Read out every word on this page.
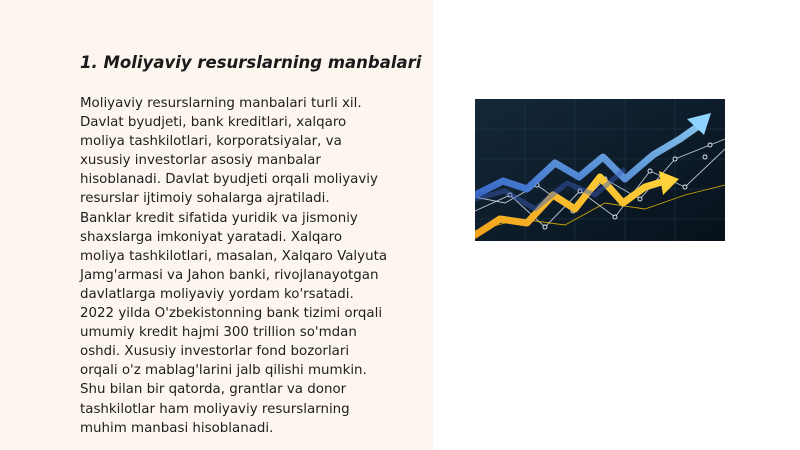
1. Moliyaviy resurslarning manbalari
Moliyaviy resurslarning manbalari turli xil.
Davlat byudjeti, bank kreditlari, xalqaro
moliya tashkilotlari, korporatsiyalar, va
xususiy investorlar asosiy manbalar
hisoblanadi. Davlat byudjeti orqali moliyaviy
resurslar ijtimoiy sohalarga ajratiladi.
Banklar kredit sifatida yuridik va jismoniy
shaxslarga imkoniyat yaratadi. Xalqaro
moliya tashkilotlari, masalan, Xalqaro Valyuta
Jamg'armasi va Jahon banki, rivojlanayotgan
davlatlarga moliyaviy yordam ko'rsatadi.
2022 yilda O'zbekistonning bank tizimi orqali
umumiy kredit hajmi 300 trillion so'mdan
oshdi. Xususiy investorlar fond bozorlari
orqali o'z mablag'larini jalb qilishi mumkin.
Shu bilan bir qatorda, grantlar va donor
tashkilotlar ham moliyaviy resurslarning
muhim manbasi hisoblanadi.
